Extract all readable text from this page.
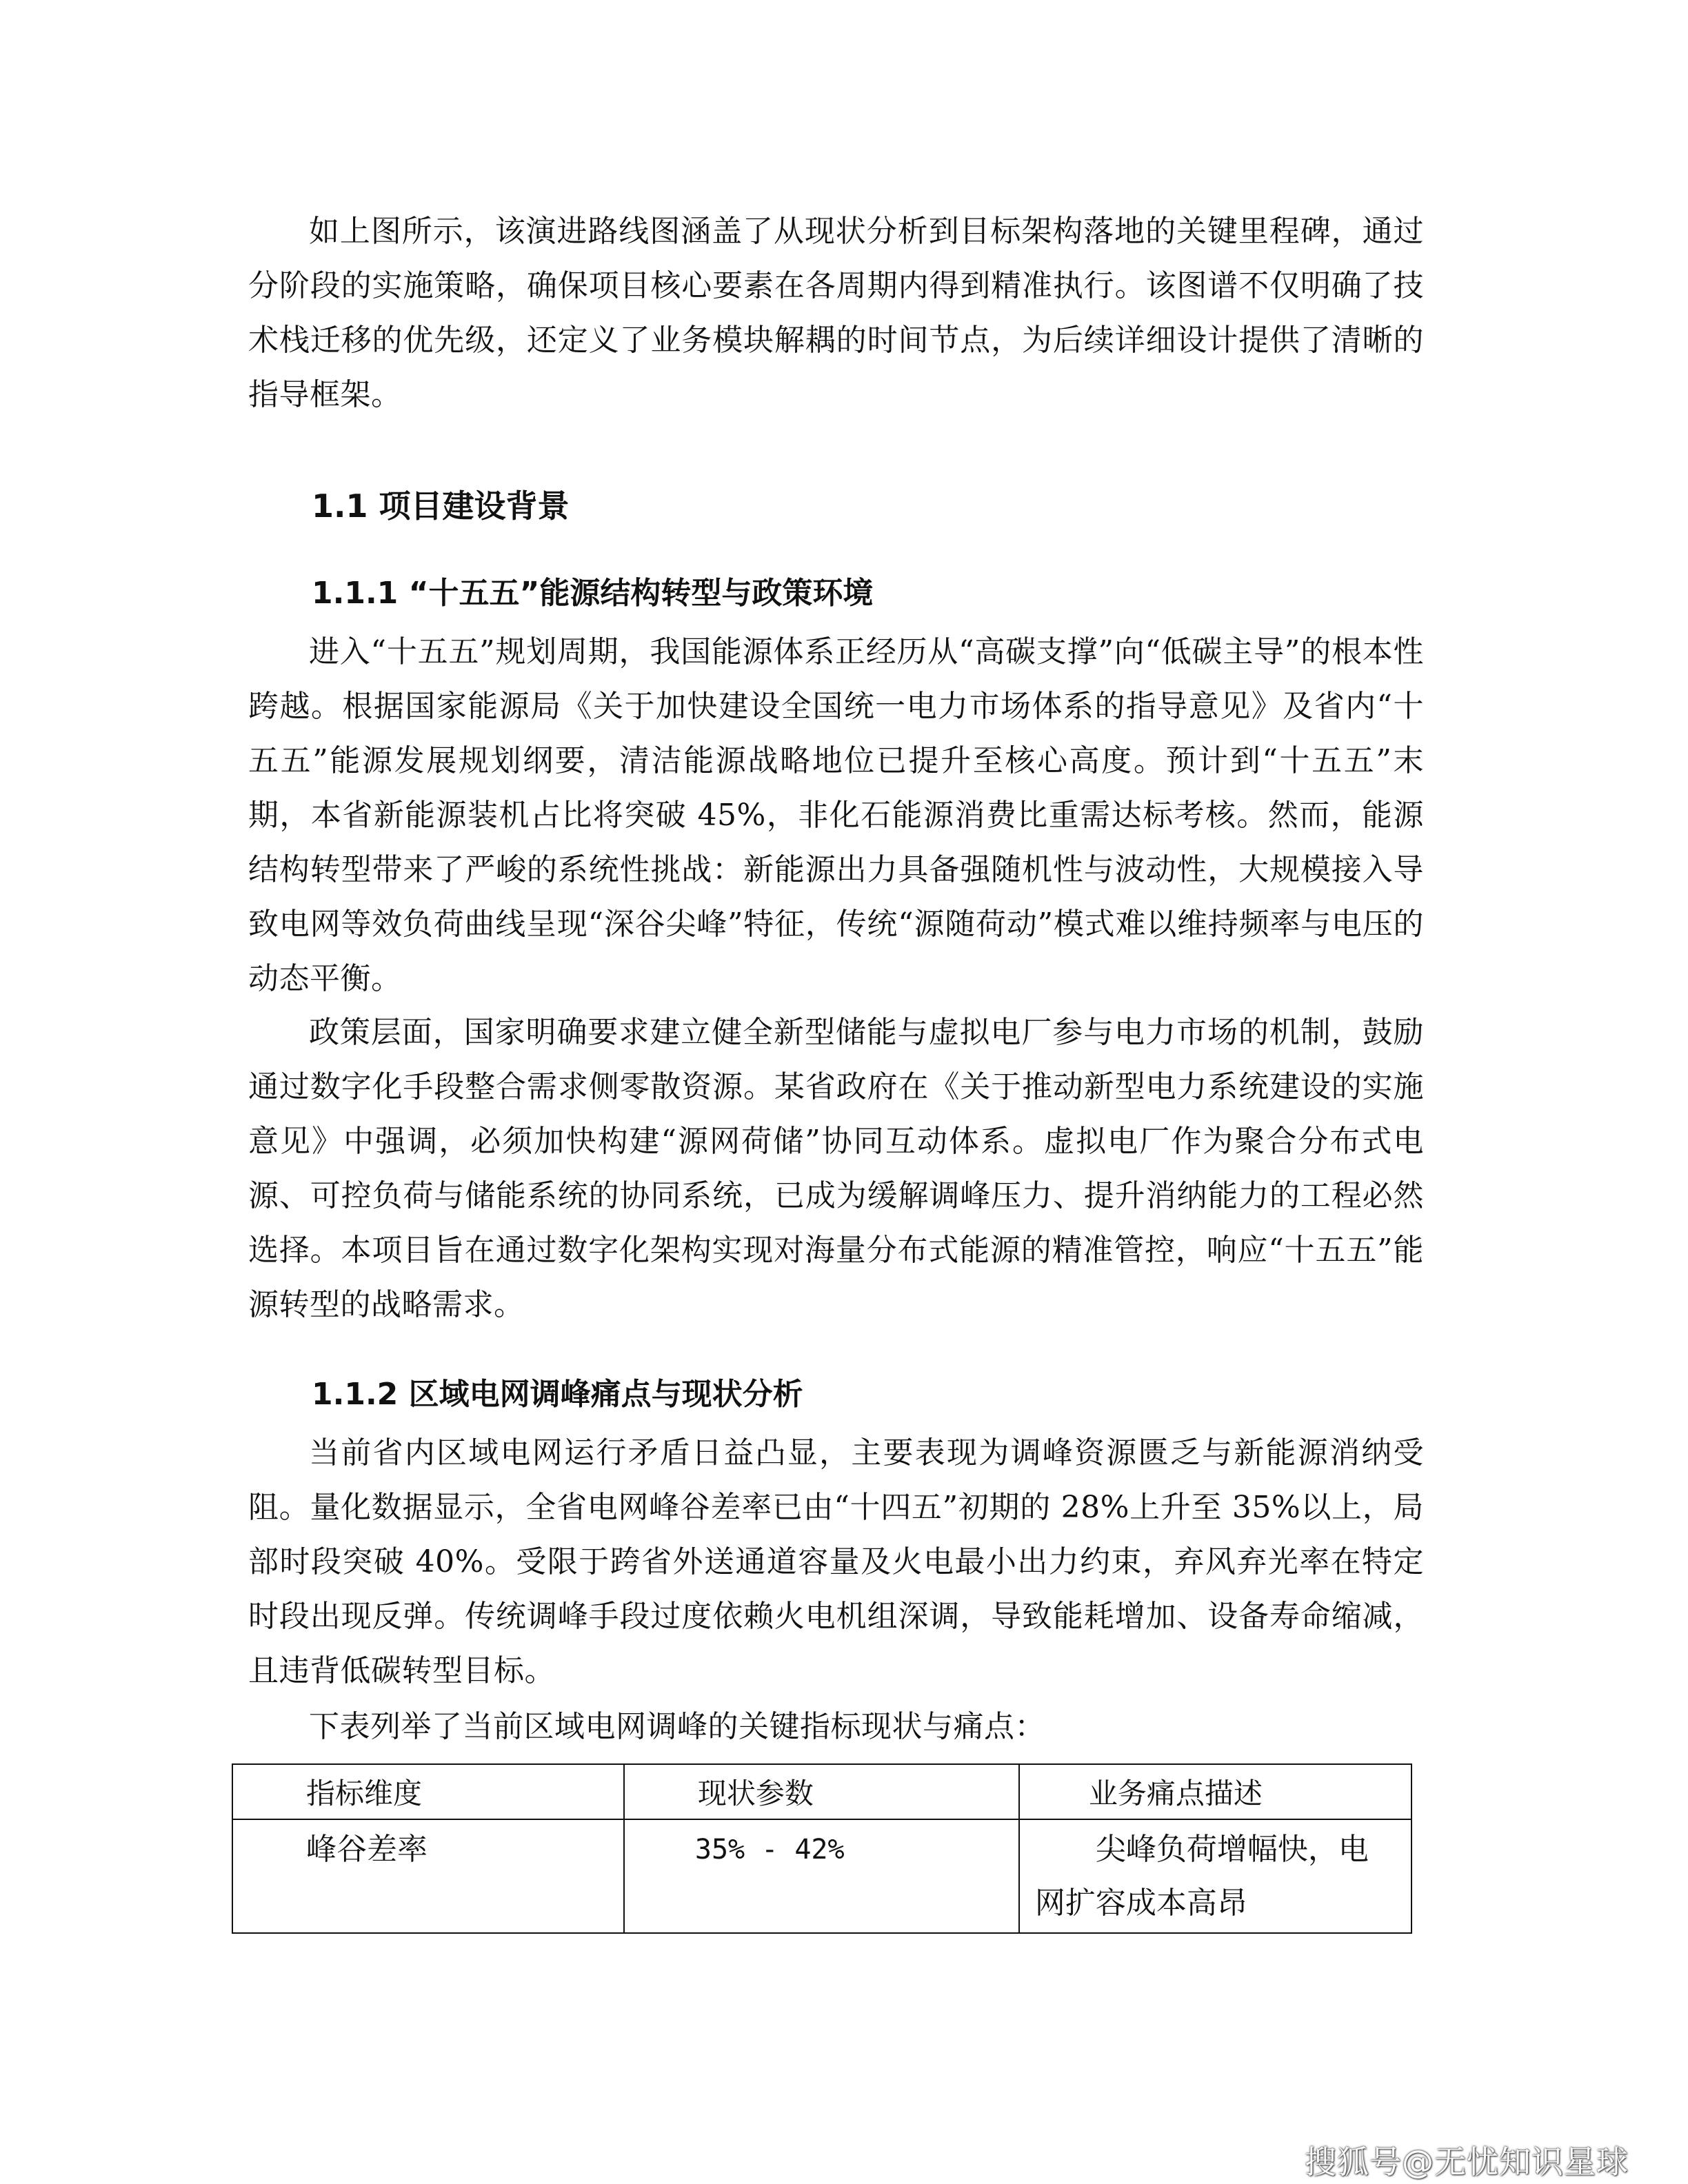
如上图所示，该演进路线图涵盖了从现状分析到目标架构落地的关键里程碑，通过分阶段的实施策略，确保项目核心要素在各周期内得到精准执行。该图谱不仅明确了技术栈迁移的优先级，还定义了业务模块解耦的时间节点，为后续详细设计提供了清晰的指导框架。

1.1 项目建设背景
1.1.1 “十五五”能源结构转型与政策环境

进入“十五五”规划周期，我国能源体系正经历从“高碳支撑”向“低碳主导”的根本性跨越。根据国家能源局《关于加快建设全国统一电力市场体系的指导意见》及省内“十五五”能源发展规划纲要，清洁能源战略地位已提升至核心高度。预计到“十五五”末期，本省新能源装机占比将突破 45%，非化石能源消费比重需达标考核。然而，能源结构转型带来了严峻的系统性挑战：新能源出力具备强随机性与波动性，大规模接入导致电网等效负荷曲线呈现“深谷尖峰”特征，传统“源随荷动”模式难以维持频率与电压的动态平衡。

政策层面，国家明确要求建立健全新型储能与虚拟电厂参与电力市场的机制，鼓励通过数字化手段整合需求侧零散资源。某省政府在《关于推动新型电力系统建设的实施意见》中强调，必须加快构建“源网荷储”协同互动体系。虚拟电厂作为聚合分布式电源、可控负荷与储能系统的协同系统，已成为缓解调峰压力、提升消纳能力的工程必然选择。本项目旨在通过数字化架构实现对海量分布式能源的精准管控，响应“十五五”能源转型的战略需求。

1.1.2 区域电网调峰痛点与现状分析

当前省内区域电网运行矛盾日益凸显，主要表现为调峰资源匮乏与新能源消纳受阻。量化数据显示，全省电网峰谷差率已由“十四五”初期的 28%上升至 35%以上，局部时段突破 40%。受限于跨省外送通道容量及火电最小出力约束，弃风弃光率在特定时段出现反弹。传统调峰手段过度依赖火电机组深调，导致能耗增加、设备寿命缩减，且违背低碳转型目标。

下表列举了当前区域电网调峰的关键指标现状与痛点：

指标维度	现状参数	业务痛点描述
峰谷差率	35% - 42%	尖峰负荷增幅快，电网扩容成本高昂
搜狐号@无忧知识星球
